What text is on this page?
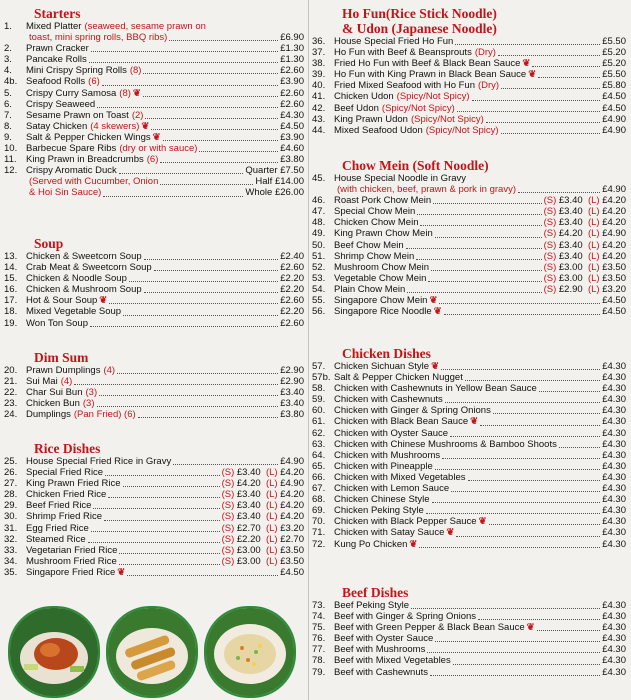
Starters
1.	Mixed Platter (seaweed, sesame prawn on
toast, mini spring rolls, BBQ ribs)	£6.90
2.	Prawn Cracker	£1.30
3.	Pancake Rolls	£1.30
4.	Mini Crispy Spring Rolls (8)	£2.60
4b. Seafood Rolls (6)	£3.90
5.	Crispy Curry Samosa (8) ❦	£2.60
6.	Crispy Seaweed	£2.60
7.	Sesame Prawn on Toast (2)	£4.30
8.	Satay Chicken (4 skewers) ❦	£4.50
9.	Salt & Pepper Chicken Wings ❦	£3.90
10. Barbecue Spare Ribs (dry or with sauce)	£4.60
11. King Prawn in Breadcrumbs (6)	£3.80
12. Crispy Aromatic Duck	Quarter £7.50
(Served with Cucumber, Onion	Half £14.00
& Hoi Sin Sauce)	Whole £26.00
Soup
13. Chicken & Sweetcorn Soup	£2.40
14. Crab Meat & Sweetcorn Soup	£2.60
15. Chicken & Noodle Soup	£2.20
16. Chicken & Mushroom Soup	£2.20
17. Hot & Sour Soup ❦	£2.60
18. Mixed Vegetable Soup	£2.20
19. Won Ton Soup	£2.60
Dim Sum
20. Prawn Dumplings (4)	£2.90
21. Sui Mai (4)	£2.90
22. Char Sui Bun (3)	£3.40
23. Chicken Bun (3)	£3.40
24. Dumplings (Pan Fried) (6)	£3.80
Rice Dishes
25. House Special Fried Rice in Gravy	£4.90
26. Special Fried Rice	(S) £3.40 (L) £4.20
27. King Prawn Fried Rice	(S) £4.20 (L) £4.90
28. Chicken Fried Rice	(S) £3.40 (L) £4.20
29. Beef Fried Rice	(S) £3.40 (L) £4.20
30. Shrimp Fried Rice	(S) £3.40 (L) £4.20
31. Egg Fried Rice	(S) £2.70 (L) £3.20
32. Steamed Rice	(S) £2.20 (L) £2.70
33. Vegetarian Fried Rice	(S) £3.00 (L) £3.50
34. Mushroom Fried Rice	(S) £3.00 (L) £3.50
35. Singapore Fried Rice ❦	£4.50
Ho Fun(Rice Stick Noodle)
& Udon (Japanese Noodle)
36. House Special Fried Ho Fun	£5.50
37. Ho Fun with Beef & Beansprouts (Dry)	£5.20
38. Fried Ho Fun with Beef & Black Bean Sauce ❦	£5.20
39. Ho Fun with King Prawn in Black Bean Sauce ❦	£5.50
40. Fried Mixed Seafood with Ho Fun (Dry)	£5.80
41. Chicken Udon (Spicy/Not Spicy)	£4.50
42. Beef Udon (Spicy/Not Spicy)	£4.50
43. King Prawn Udon (Spicy/Not Spicy)	£4.90
44. Mixed Seafood Udon (Spicy/Not Spicy)	£4.90
Chow Mein (Soft Noodle)
45. House Special Noodle in Gravy
(with chicken, beef, prawn & pork in gravy)	£4.90
46. Roast Pork Chow Mein	(S) £3.40 (L) £4.20
47. Special Chow Mein	(S) £3.40 (L) £4.20
48. Chicken Chow Mein	(S) £3.40 (L) £4.20
49. King Prawn Chow Mein	(S) £4.20 (L) £4.90
50. Beef Chow Mein	(S) £3.40 (L) £4.20
51. Shrimp Chow Mein	(S) £3.40 (L) £4.20
52. Mushroom Chow Mein	(S) £3.00 (L) £3.50
53. Vegetable Chow Mein	(S) £3.00 (L) £3.50
54. Plain Chow Mein	(S) £2.90 (L) £3.20
55. Singapore Chow Mein ❦	£4.50
56. Singapore Rice Noodle ❦	£4.50
Chicken Dishes
57. Chicken Sichuan Style ❦	£4.30
57b. Salt & Pepper Chicken Nugget	£4.30
58. Chicken with Cashewnuts in Yellow Bean Sauce	£4.30
59. Chicken with Cashewnuts	£4.30
60. Chicken with Ginger & Spring Onions	£4.30
61. Chicken with Black Bean Sauce ❦	£4.30
62. Chicken with Oyster Sauce	£4.30
63. Chicken with Chinese Mushrooms & Bamboo Shoots	£4.30
64. Chicken with Mushrooms	£4.30
65. Chicken with Pineapple	£4.30
66. Chicken with Mixed Vegetables	£4.30
67. Chicken with Lemon Sauce	£4.30
68. Chicken Chinese Style	£4.30
69. Chicken Peking Style	£4.30
70. Chicken with Black Pepper Sauce ❦	£4.30
71. Chicken with Satay Sauce ❦	£4.30
72. Kung Po Chicken ❦	£4.30
Beef Dishes
73. Beef Peking Style	£4.30
74. Beef with Ginger & Spring Onions	£4.30
75. Beef with Green Pepper & Black Bean Sauce ❦	£4.30
76. Beef with Oyster Sauce	£4.30
77. Beef with Mushrooms	£4.30
78. Beef with Mixed Vegetables	£4.30
79. Beef with Cashewnuts	£4.30
